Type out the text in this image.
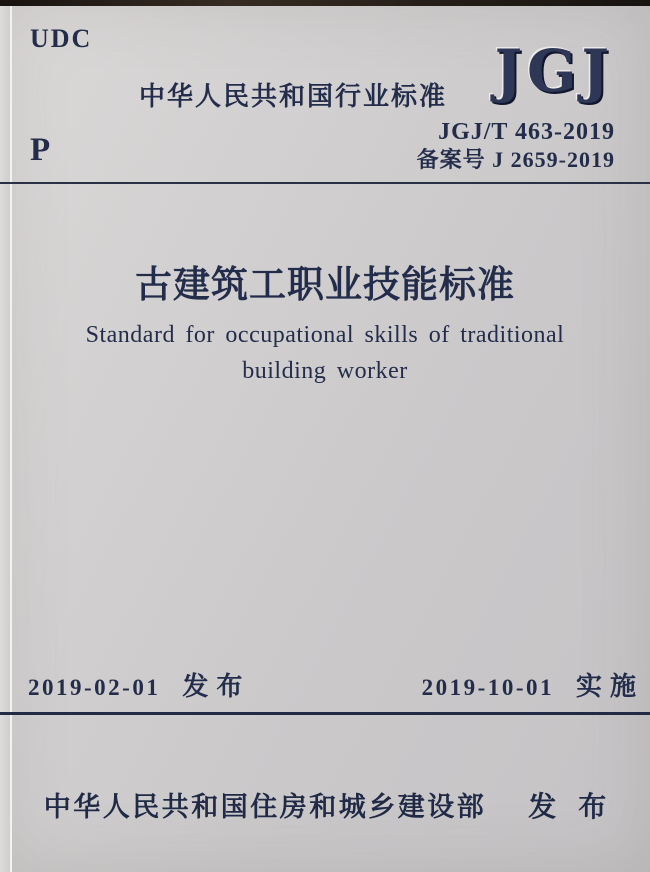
UDC
中华人民共和国行业标准 JGJ
JGJ/T 463-2019
备案号 J 2659-2019
P
古建筑工职业技能标准
Standard for occupational skills of traditional
building worker
2019-02-01 发布	2019-10-01 实施
中华人民共和国住房和城乡建设部 发布
